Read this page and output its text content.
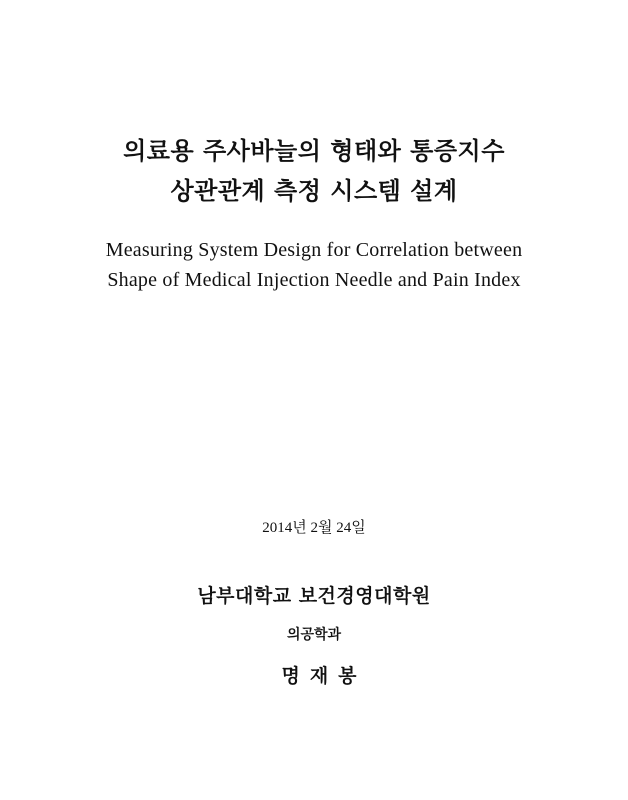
의료용 주사바늘의 형태와 통증지수
상관관계 측정 시스템 설계
Measuring System Design for Correlation between
Shape of Medical Injection Needle and Pain Index
2014년 2월 24일
남부대학교 보건경영대학원
의공학과
명재봉
